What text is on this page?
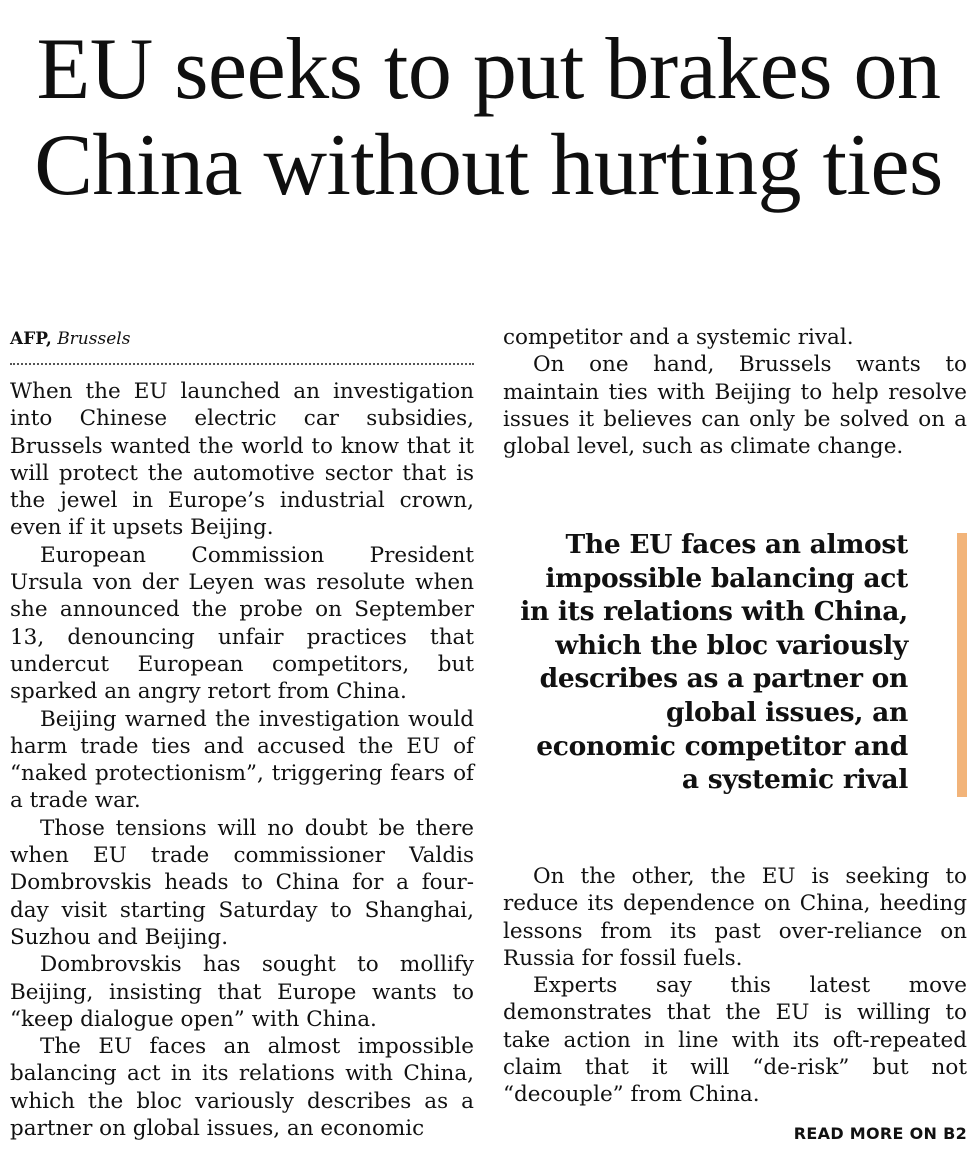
EU seeks to put brakes on China without hurting ties
AFP, Brussels

When the EU launched an investigation into Chinese electric car subsidies, Brussels wanted the world to know that it will protect the automotive sector that is the jewel in Europe’s industrial crown, even if it upsets Beijing.

European Commission President Ursula von der Leyen was resolute when she announced the probe on September 13, denouncing unfair practices that undercut European competitors, but sparked an angry retort from China.

Beijing warned the investigation would harm trade ties and accused the EU of “naked protectionism”, triggering fears of a trade war.

Those tensions will no doubt be there when EU trade commissioner Valdis Dombrovskis heads to China for a four-day visit starting Saturday to Shanghai, Suzhou and Beijing.

Dombrovskis has sought to mollify Beijing, insisting that Europe wants to “keep dialogue open” with China.

The EU faces an almost impossible balancing act in its relations with China, which the bloc variously describes as a partner on global issues, an economic

competitor and a systemic rival.

On one hand, Brussels wants to maintain ties with Beijing to help resolve issues it believes can only be solved on a global level, such as climate change.

The EU faces an almost impossible balancing act in its relations with China, which the bloc variously describes as a partner on global issues, an economic competitor and a systemic rival

On the other, the EU is seeking to reduce its dependence on China, heeding lessons from its past over-reliance on Russia for fossil fuels.

Experts say this latest move demonstrates that the EU is willing to take action in line with its oft-repeated claim that it will “de-risk” but not “decouple” from China.

READ MORE ON B2
